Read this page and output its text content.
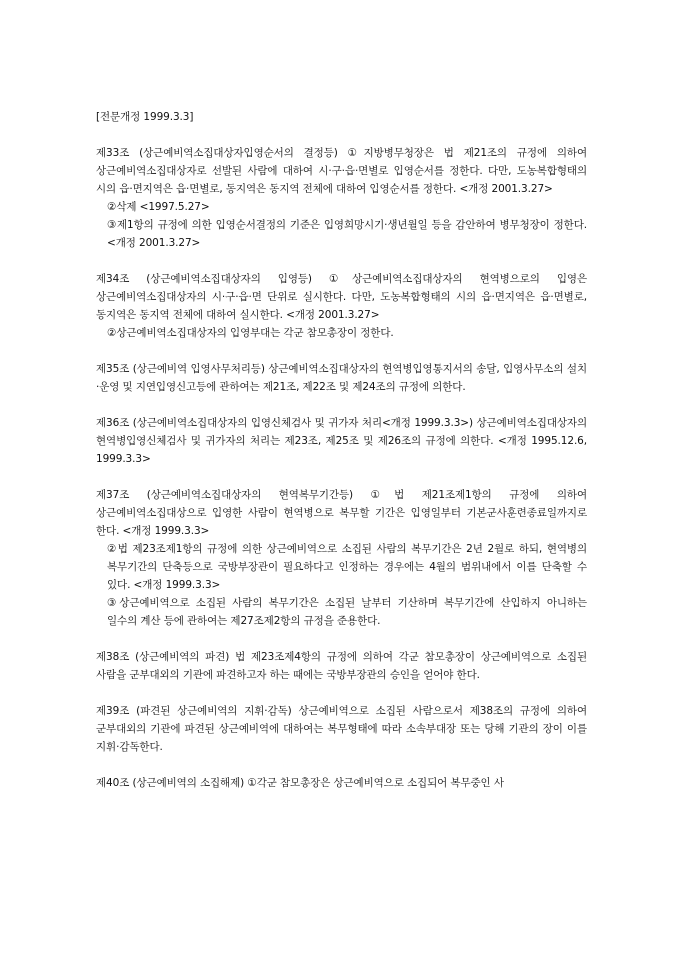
[전문개정 1999.3.3]

제33조 (상근예비역소집대상자입영순서의 결정등) ①지방병무청장은 법 제21조의 규정에 의하여 상근예비역소집대상자로 선발된 사람에 대하여 시·구·읍·면별로 입영순서를 정한다. 다만, 도농복합형태의 시의 읍·면지역은 읍·면별로, 동지역은 동지역 전체에 대하여 입영순서를 정한다. <개정 2001.3.27>

②삭제 <1997.5.27>

③제1항의 규정에 의한 입영순서결정의 기준은 입영희망시기·생년월일 등을 감안하여 병무청장이 정한다. <개정 2001.3.27>

제34조 (상근예비역소집대상자의 입영등) ①상근예비역소집대상자의 현역병으로의 입영은 상근예비역소집대상자의 시·구·읍·면 단위로 실시한다. 다만, 도농복합형태의 시의 읍·면지역은 읍·면별로, 동지역은 동지역 전체에 대하여 실시한다. <개정 2001.3.27>

②상근예비역소집대상자의 입영부대는 각군 참모총장이 정한다.

제35조 (상근예비역 입영사무처리등) 상근예비역소집대상자의 현역병입영통지서의 송달, 입영사무소의 설치·운영 및 지연입영신고등에 관하여는 제21조, 제22조 및 제24조의 규정에 의한다.

제36조 (상근예비역소집대상자의 입영신체검사 및 귀가자 처리<개정 1999.3.3>) 상근예비역소집대상자의 현역병입영신체검사 및 귀가자의 처리는 제23조, 제25조 및 제26조의 규정에 의한다. <개정 1995.12.6, 1999.3.3>

제37조 (상근예비역소집대상자의 현역복무기간등) ①법 제21조제1항의 규정에 의하여 상근예비역소집대상으로 입영한 사람이 현역병으로 복무할 기간은 입영일부터 기본군사훈련종료일까지로 한다. <개정 1999.3.3>

②법 제23조제1항의 규정에 의한 상근예비역으로 소집된 사람의 복무기간은 2년 2월로 하되, 현역병의 복무기간의 단축등으로 국방부장관이 필요하다고 인정하는 경우에는 4월의 범위내에서 이를 단축할 수 있다. <개정 1999.3.3>

③상근예비역으로 소집된 사람의 복무기간은 소집된 날부터 기산하며 복무기간에 산입하지 아니하는 일수의 계산 등에 관하여는 제27조제2항의 규정을 준용한다.

제38조 (상근예비역의 파견) 법 제23조제4항의 규정에 의하여 각군 참모총장이 상근예비역으로 소집된 사람을 군부대외의 기관에 파견하고자 하는 때에는 국방부장관의 승인을 얻어야 한다.

제39조 (파견된 상근예비역의 지휘·감독) 상근예비역으로 소집된 사람으로서 제38조의 규정에 의하여 군부대외의 기관에 파견된 상근예비역에 대하여는 복무형태에 따라 소속부대장 또는 당해 기관의 장이 이를 지휘·감독한다.

제40조 (상근예비역의 소집해제) ①각군 참모총장은 상근예비역으로 소집되어 복무중인 사
